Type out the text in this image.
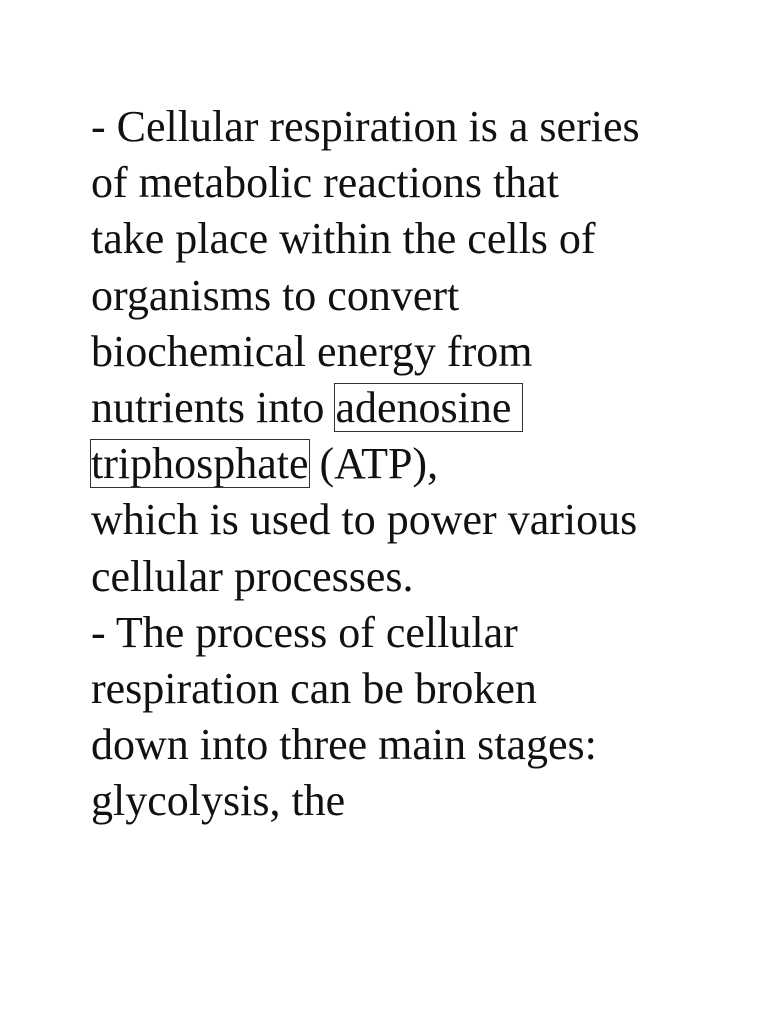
- Cellular respiration is a series
of metabolic reactions that
take place within the cells of
organisms to convert
biochemical energy from
nutrients into adenosine
triphosphate (ATP),
which is used to power various
cellular processes.
- The process of cellular
respiration can be broken
down into three main stages:
glycolysis, the
